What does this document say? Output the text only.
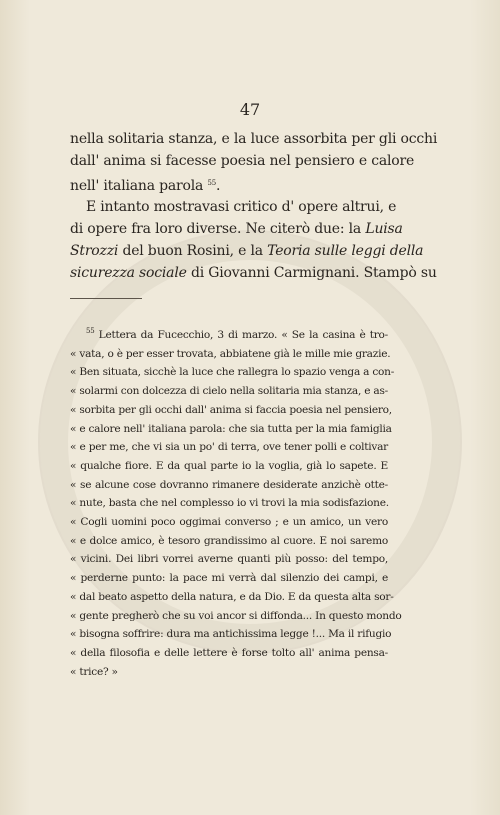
47
nella solitaria stanza, e la luce assorbita per gli occhi
dall' anima si facesse poesia nel pensiero e calore
nell' italiana parola $^{55}$.
E intanto mostravasi critico d' opere altrui, e
di opere fra loro diverse. Ne citerò due: la Luisa
Strozzi del buon Rosini, e la Teoria sulle leggi della
sicurezza sociale di Giovanni Carmignani. Stampò su
$^{55}$ Lettera da Fucecchio, 3 di marzo. « Se la casina è tro-
« vata, o è per esser trovata, abbiatene già le mille mie grazie.
« Ben situata, sicchè la luce che rallegra lo spazio venga a con-
« solarmi con dolcezza di cielo nella solitaria mia stanza, e as-
« sorbita per gli occhi dall' anima si faccia poesia nel pensiero,
« e calore nell' italiana parola: che sia tutta per la mia famiglia
« e per me, che vi sia un po' di terra, ove tener polli e coltivar
« qualche fiore. E da qual parte io la voglia, già lo sapete. E
« se alcune cose dovranno rimanere desiderate anzichè otte-
« nute, basta che nel complesso io vi trovi la mia sodisfazione.
« Cogli uomini poco oggimai converso ; e un amico, un vero
« e dolce amico, è tesoro grandissimo al cuore. E noi saremo
« vicini. Dei libri vorrei averne quanti più posso: del tempo,
« perderne punto: la pace mi verrà dal silenzio dei campi, e
« dal beato aspetto della natura, e da Dio. E da questa alta sor-
« gente pregherò che su voi ancor si diffonda... In questo mondo
« bisogna soffrire: dura ma antichissima legge !... Ma il rifugio
« della filosofia e delle lettere è forse tolto all' anima pensa-
« trice? »
